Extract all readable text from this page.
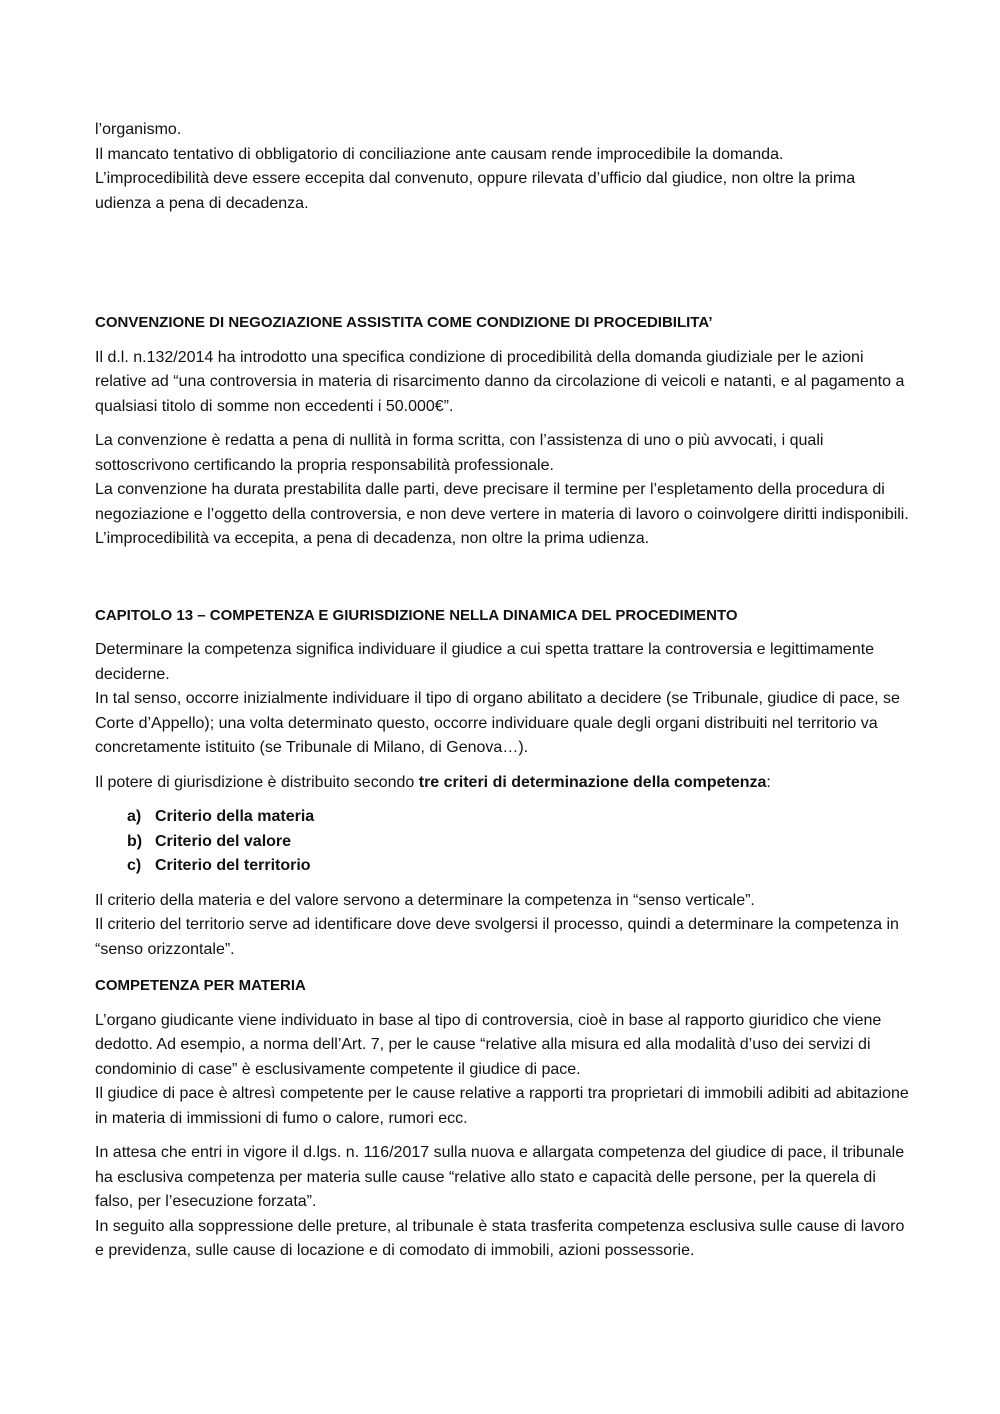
l’organismo.

Il mancato tentativo di obbligatorio di conciliazione ante causam rende improcedibile la domanda.

L’improcedibilità deve essere eccepita dal convenuto, oppure rilevata d’ufficio dal giudice, non oltre la prima udienza a pena di decadenza.

CONVENZIONE DI NEGOZIAZIONE ASSISTITA COME CONDIZIONE DI PROCEDIBILITA’

Il d.l. n.132/2014 ha introdotto una specifica condizione di procedibilità della domanda giudiziale per le azioni relative ad “una controversia in materia di risarcimento danno da circolazione di veicoli e natanti, e al pagamento a qualsiasi titolo di somme non eccedenti i 50.000€”.

La convenzione è redatta a pena di nullità in forma scritta, con l’assistenza di uno o più avvocati, i quali sottoscrivono certificando la propria responsabilità professionale.

La convenzione ha durata prestabilita dalle parti, deve precisare il termine per l’espletamento della procedura di negoziazione e l’oggetto della controversia, e non deve vertere in materia di lavoro o coinvolgere diritti indisponibili. L’improcedibilità va eccepita, a pena di decadenza, non oltre la prima udienza.

CAPITOLO 13 – COMPETENZA E GIURISDIZIONE NELLA DINAMICA DEL PROCEDIMENTO

Determinare la competenza significa individuare il giudice a cui spetta trattare la controversia e legittimamente deciderne.

In tal senso, occorre inizialmente individuare il tipo di organo abilitato a decidere (se Tribunale, giudice di pace, se Corte d’Appello); una volta determinato questo, occorre individuare quale degli organi distribuiti nel territorio va concretamente istituito (se Tribunale di Milano, di Genova…).

Il potere di giurisdizione è distribuito secondo tre criteri di determinazione della competenza:

a) Criterio della materia
b) Criterio del valore
c) Criterio del territorio

Il criterio della materia e del valore servono a determinare la competenza in “senso verticale”.

Il criterio del territorio serve ad identificare dove deve svolgersi il processo, quindi a determinare la competenza in “senso orizzontale”.

COMPETENZA PER MATERIA

L’organo giudicante viene individuato in base al tipo di controversia, cioè in base al rapporto giuridico che viene dedotto. Ad esempio, a norma dell’Art. 7, per le cause “relative alla misura ed alla modalità d’uso dei servizi di condominio di case” è esclusivamente competente il giudice di pace.

Il giudice di pace è altresì competente per le cause relative a rapporti tra proprietari di immobili adibiti ad abitazione in materia di immissioni di fumo o calore, rumori ecc.

In attesa che entri in vigore il d.lgs. n. 116/2017 sulla nuova e allargata competenza del giudice di pace, il tribunale ha esclusiva competenza per materia sulle cause “relative allo stato e capacità delle persone, per la querela di falso, per l’esecuzione forzata”.

In seguito alla soppressione delle preture, al tribunale è stata trasferita competenza esclusiva sulle cause di lavoro e previdenza, sulle cause di locazione e di comodato di immobili, azioni possessorie.
